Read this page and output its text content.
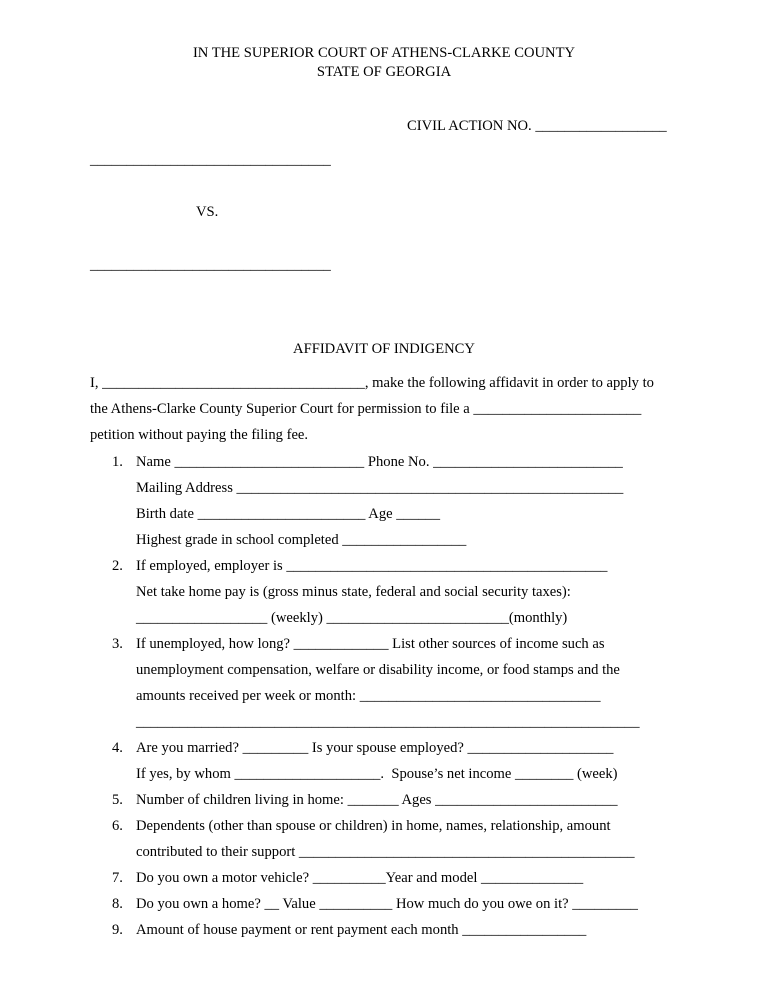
IN THE SUPERIOR COURT OF ATHENS-CLARKE COUNTY
STATE OF GEORGIA
CIVIL ACTION NO. __________________
_________________________________
VS.
_________________________________
AFFIDAVIT OF INDIGENCY
I, ____________________________________, make the following affidavit in order to apply to
the Athens-Clarke County Superior Court for permission to file a _______________________
petition without paying the filing fee.
1. Name __________________________ Phone No. __________________________
Mailing Address _____________________________________________________
Birth date _______________________ Age ______
Highest grade in school completed _________________
2. If employed, employer is ____________________________________________
Net take home pay is (gross minus state, federal and social security taxes):
__________________ (weekly) _________________________(monthly)
3. If unemployed, how long? _____________ List other sources of income such as
unemployment compensation, welfare or disability income, or food stamps and the
amounts received per week or month: _________________________________
_____________________________________________________________________
4. Are you married? _________ Is your spouse employed? ____________________
If yes, by whom ____________________.  Spouse’s net income ________ (week)
5. Number of children living in home: _______ Ages _________________________
6. Dependents (other than spouse or children) in home, names, relationship, amount
contributed to their support ______________________________________________
7. Do you own a motor vehicle? __________Year and model ______________
8. Do you own a home? __ Value __________ How much do you owe on it? _________
9. Amount of house payment or rent payment each month _________________
